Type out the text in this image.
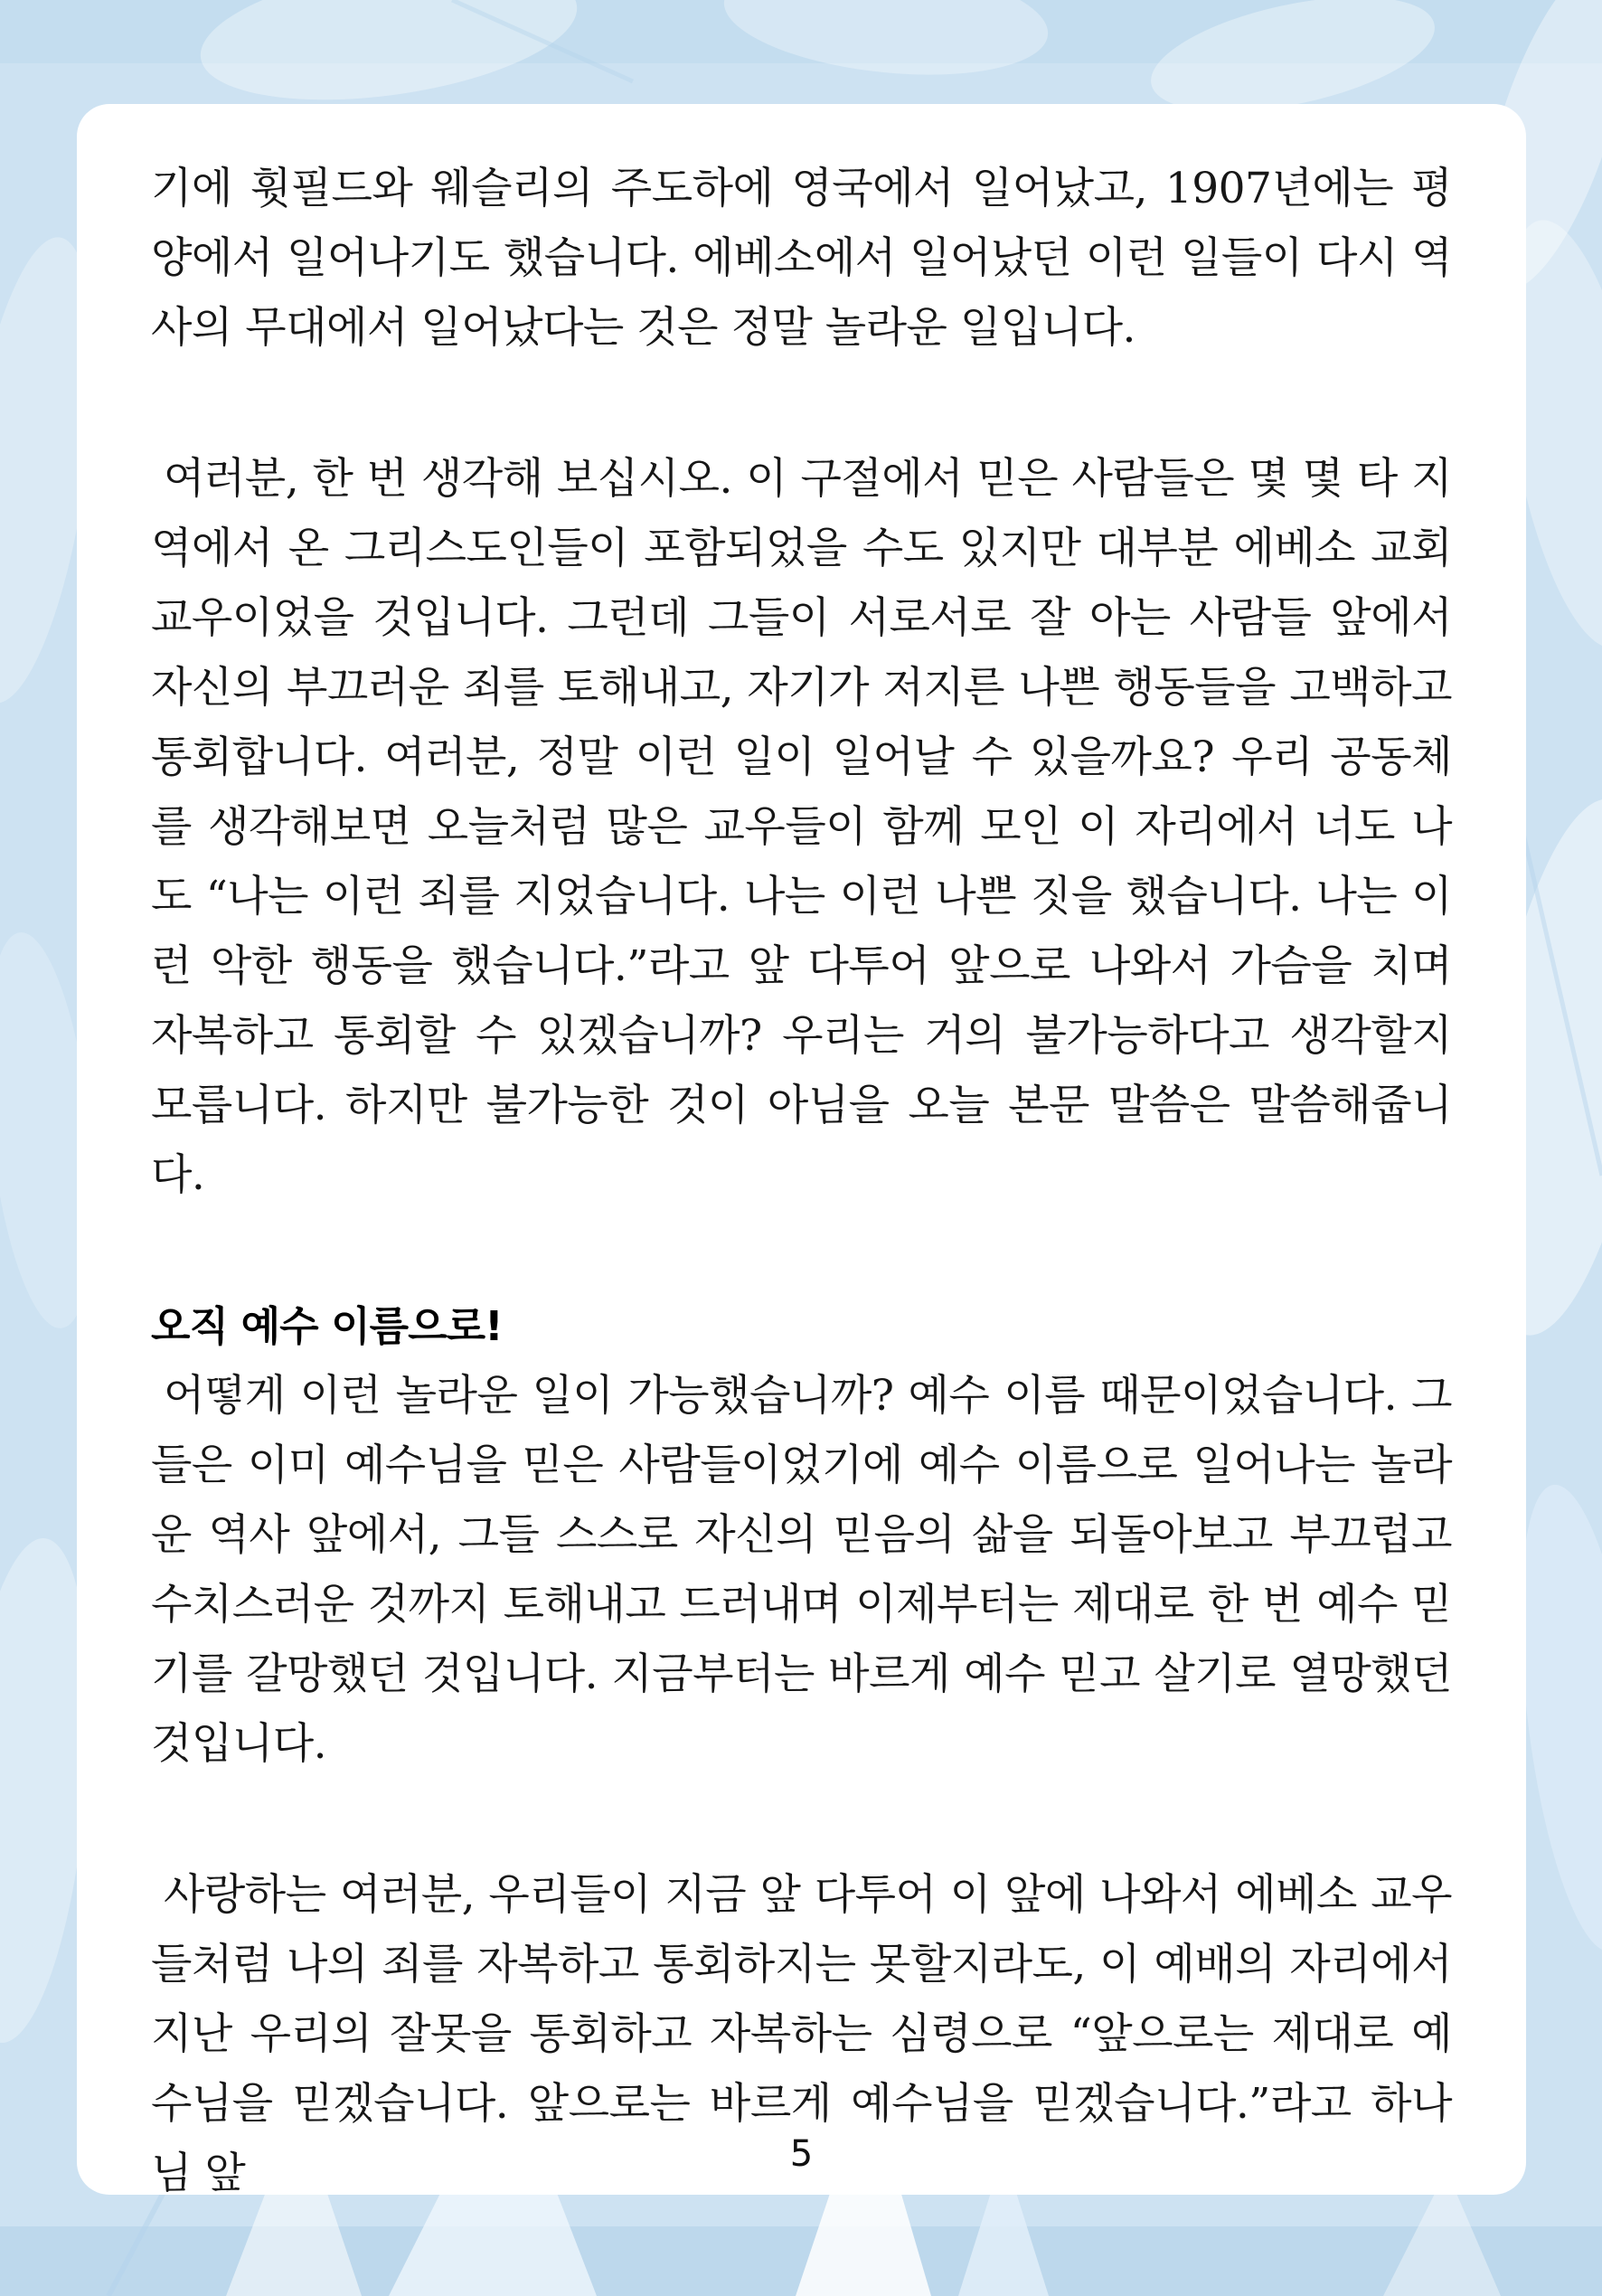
기에 휫필드와 웨슬리의 주도하에 영국에서 일어났고, 1907년에는 평양에서 일어나기도 했습니다. 에베소에서 일어났던 이런 일들이 다시 역사의 무대에서 일어났다는 것은 정말 놀라운 일입니다.

여러분, 한 번 생각해 보십시오. 이 구절에서 믿은 사람들은 몇 몇 타 지역에서 온 그리스도인들이 포함되었을 수도 있지만 대부분 에베소 교회 교우이었을 것입니다. 그런데 그들이 서로서로 잘 아는 사람들 앞에서 자신의 부끄러운 죄를 토해내고, 자기가 저지른 나쁜 행동들을 고백하고 통회합니다. 여러분, 정말 이런 일이 일어날 수 있을까요? 우리 공동체를 생각해보면 오늘처럼 많은 교우들이 함께 모인 이 자리에서 너도 나도 “나는 이런 죄를 지었습니다. 나는 이런 나쁜 짓을 했습니다. 나는 이런 악한 행동을 했습니다.”라고 앞 다투어 앞으로 나와서 가슴을 치며 자복하고 통회할 수 있겠습니까? 우리는 거의 불가능하다고 생각할지 모릅니다. 하지만 불가능한 것이 아님을 오늘 본문 말씀은 말씀해줍니다.

오직 예수 이름으로!

어떻게 이런 놀라운 일이 가능했습니까? 예수 이름 때문이었습니다. 그들은 이미 예수님을 믿은 사람들이었기에 예수 이름으로 일어나는 놀라운 역사 앞에서, 그들 스스로 자신의 믿음의 삶을 되돌아보고 부끄럽고 수치스러운 것까지 토해내고 드러내며 이제부터는 제대로 한 번 예수 믿기를 갈망했던 것입니다. 지금부터는 바르게 예수 믿고 살기로 열망했던 것입니다.

사랑하는 여러분, 우리들이 지금 앞 다투어 이 앞에 나와서 에베소 교우들처럼 나의 죄를 자복하고 통회하지는 못할지라도, 이 예배의 자리에서 지난 우리의 잘못을 통회하고 자복하는 심령으로 “앞으로는 제대로 예수님을 믿겠습니다. 앞으로는 바르게 예수님을 믿겠습니다.”라고 하나님 앞	5
